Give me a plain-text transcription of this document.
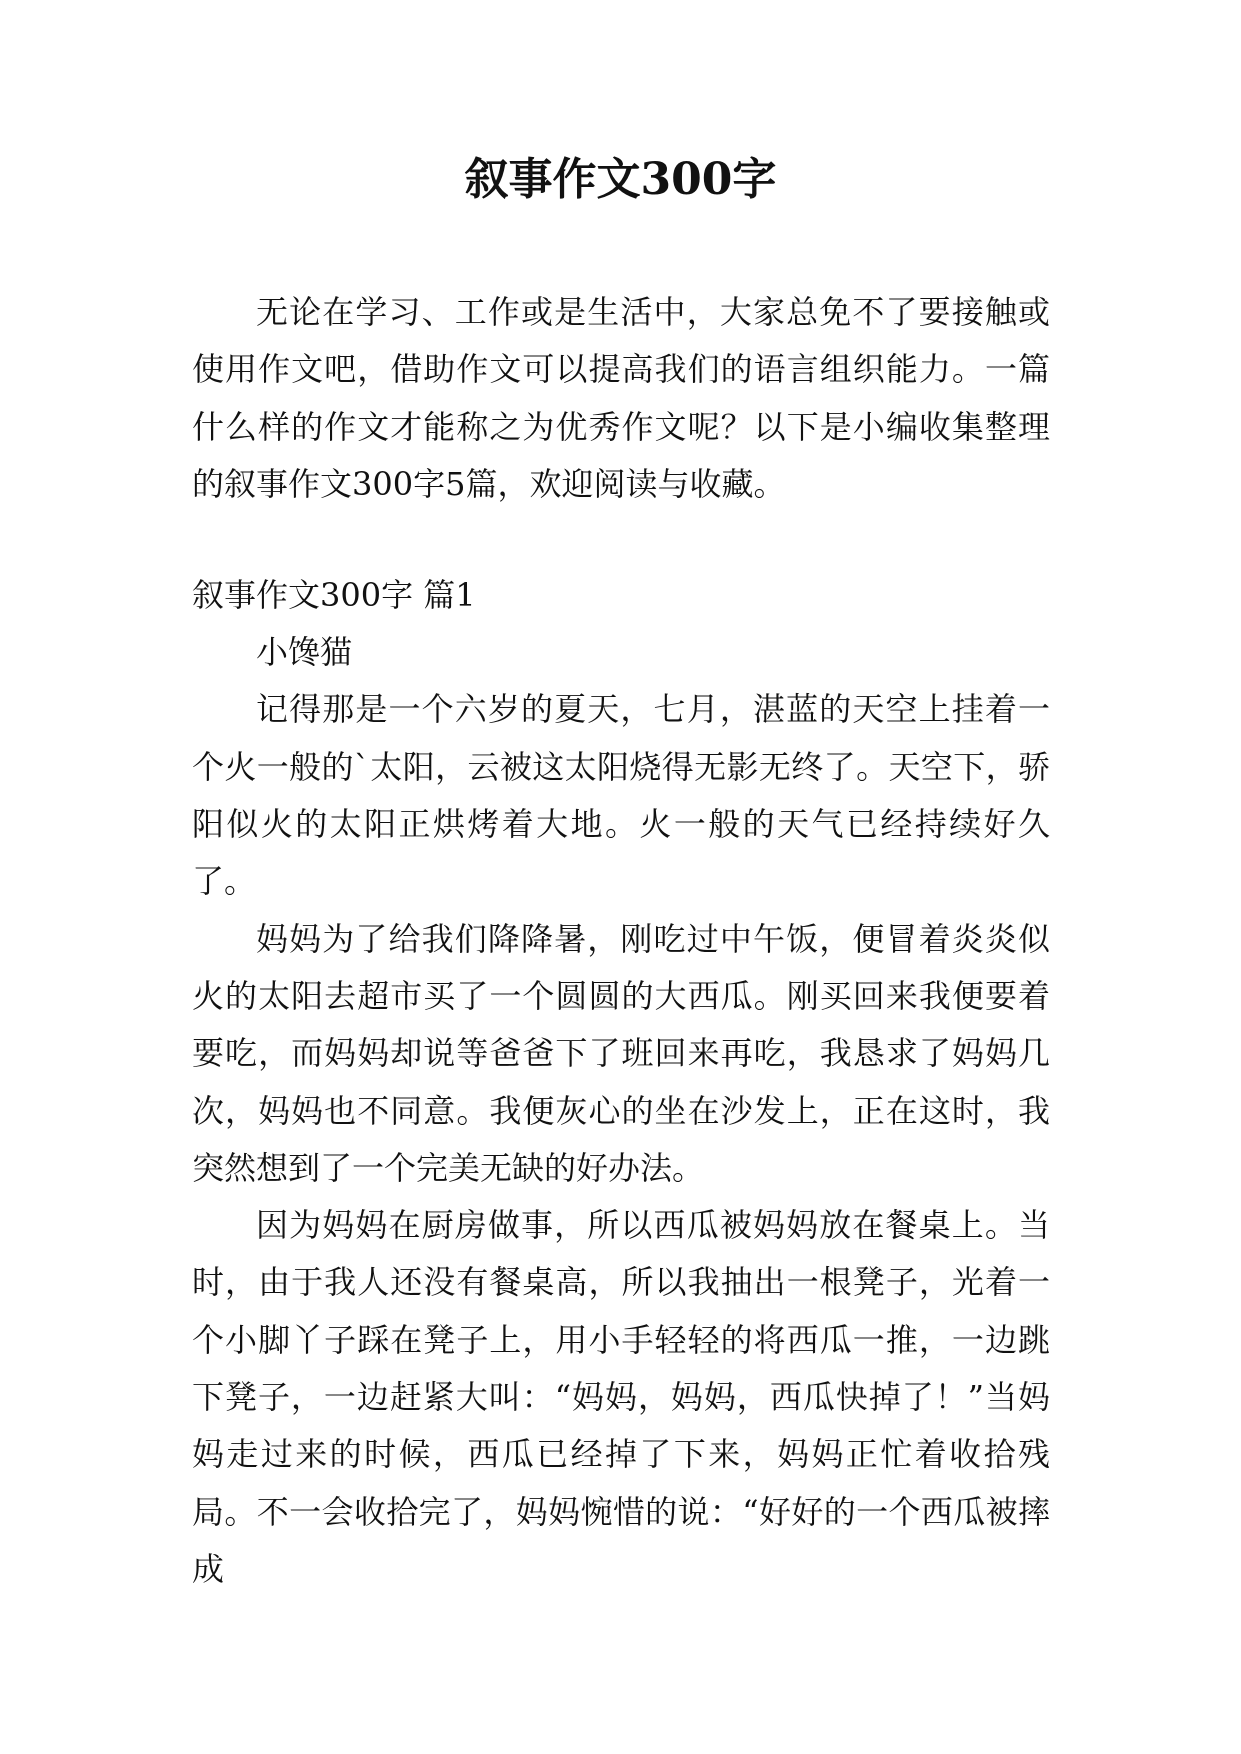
叙事作文300字

无论在学习、工作或是生活中，大家总免不了要接触或使用作文吧，借助作文可以提高我们的语言组织能力。一篇什么样的作文才能称之为优秀作文呢？以下是小编收集整理的叙事作文300字5篇，欢迎阅读与收藏。

叙事作文300字 篇1

小馋猫

记得那是一个六岁的夏天，七月，湛蓝的天空上挂着一个火一般的`太阳，云被这太阳烧得无影无终了。天空下，骄阳似火的太阳正烘烤着大地。火一般的天气已经持续好久了。

妈妈为了给我们降降暑，刚吃过中午饭，便冒着炎炎似火的太阳去超市买了一个圆圆的大西瓜。刚买回来我便要着要吃，而妈妈却说等爸爸下了班回来再吃，我恳求了妈妈几次，妈妈也不同意。我便灰心的坐在沙发上，正在这时，我突然想到了一个完美无缺的好办法。

因为妈妈在厨房做事，所以西瓜被妈妈放在餐桌上。当时，由于我人还没有餐桌高，所以我抽出一根凳子，光着一个小脚丫子踩在凳子上，用小手轻轻的将西瓜一推，一边跳下凳子，一边赶紧大叫：“妈妈，妈妈，西瓜快掉了！”当妈妈走过来的时候，西瓜已经掉了下来，妈妈正忙着收拾残局。不一会收拾完了，妈妈惋惜的说：“好好的一个西瓜被摔成
